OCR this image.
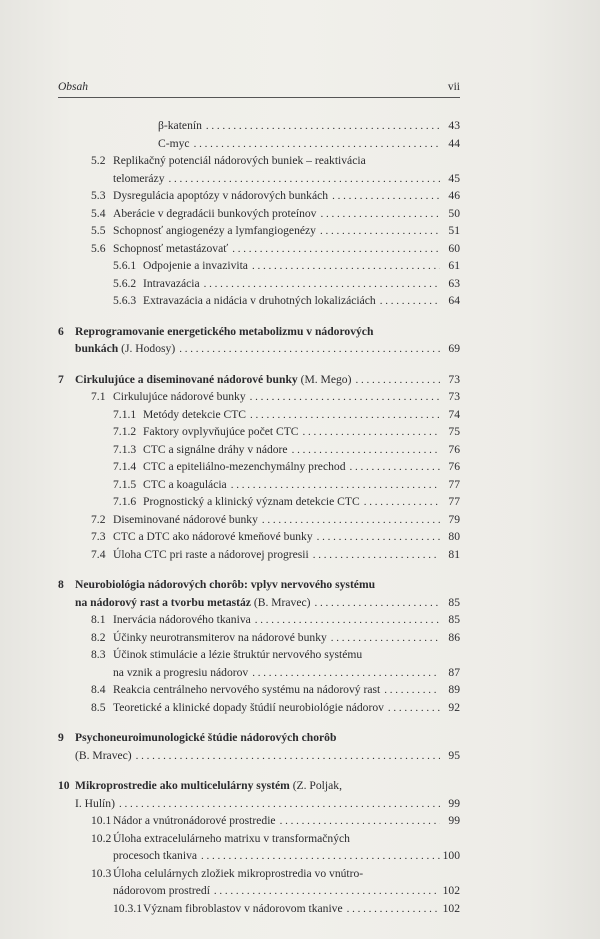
Obsah	vii
β-katenín . . .	43
C-myc . . .	44
5.2 Replikačný potenciál nádorových buniek – reaktivácia
telomerázy . . .	45
5.3 Dysregulácia apoptózy v nádorových bunkách . . .	46
5.4 Aberácie v degradácii bunkových proteínov . . .	50
5.5 Schopnosť angiogenézy a lymfangiogenézy . . .	51
5.6 Schopnosť metastázovať . . .	60
5.6.1 Odpojenie a invazivita . . .	61
5.6.2 Intravazácia . . .	63
5.6.3 Extravazácia a nidácia v druhotných lokalizáciách . . .	64
6 Reprogramovanie energetického metabolizmu v nádorových
bunkách (J. Hodosy) . . .	69
7 Cirkulujúce a diseminované nádorové bunky (M. Mego) . . .	73
7.1 Cirkulujúce nádorové bunky . . .	73
7.1.1 Metódy detekcie CTC . . .	74
7.1.2 Faktory ovplyvňujúce počet CTC . . .	75
7.1.3 CTC a signálne dráhy v nádore . . .	76
7.1.4 CTC a epiteliálno-mezenchymálny prechod . . .	76
7.1.5 CTC a koagulácia . . .	77
7.1.6 Prognostický a klinický význam detekcie CTC . . .	77
7.2 Diseminované nádorové bunky . . .	79
7.3 CTC a DTC ako nádorové kmeňové bunky . . .	80
7.4 Úloha CTC pri raste a nádorovej progresii . . .	81
8 Neurobiológia nádorových chorôb: vplyv nervového systému
na nádorový rast a tvorbu metastáz (B. Mravec) . . .	85
8.1 Inervácia nádorového tkaniva . . .	85
8.2 Účinky neurotransmiterov na nádorové bunky . . .	86
8.3 Účinok stimulácie a lézie štruktúr nervového systému
na vznik a progresiu nádorov . . .	87
8.4 Reakcia centrálneho nervového systému na nádorový rast . . .	89
8.5 Teoretické a klinické dopady štúdií neurobiológie nádorov . . .	92
9 Psychoneuroimunologické štúdie nádorových chorôb
(B. Mravec) . . .	95
10 Mikroprostredie ako multicelulárny systém (Z. Poljak,
I. Hulín) . . .	99
10.1 Nádor a vnútronádorové prostredie . . .	99
10.2 Úloha extracelulárneho matrixu v transformačných
procesoch tkaniva . . .	100
10.3 Úloha celulárnych zložiek mikroprostredia vo vnútro-
nádorovom prostredí . . .	102
10.3.1 Význam fibroblastov v nádorovom tkanive . . .	102
